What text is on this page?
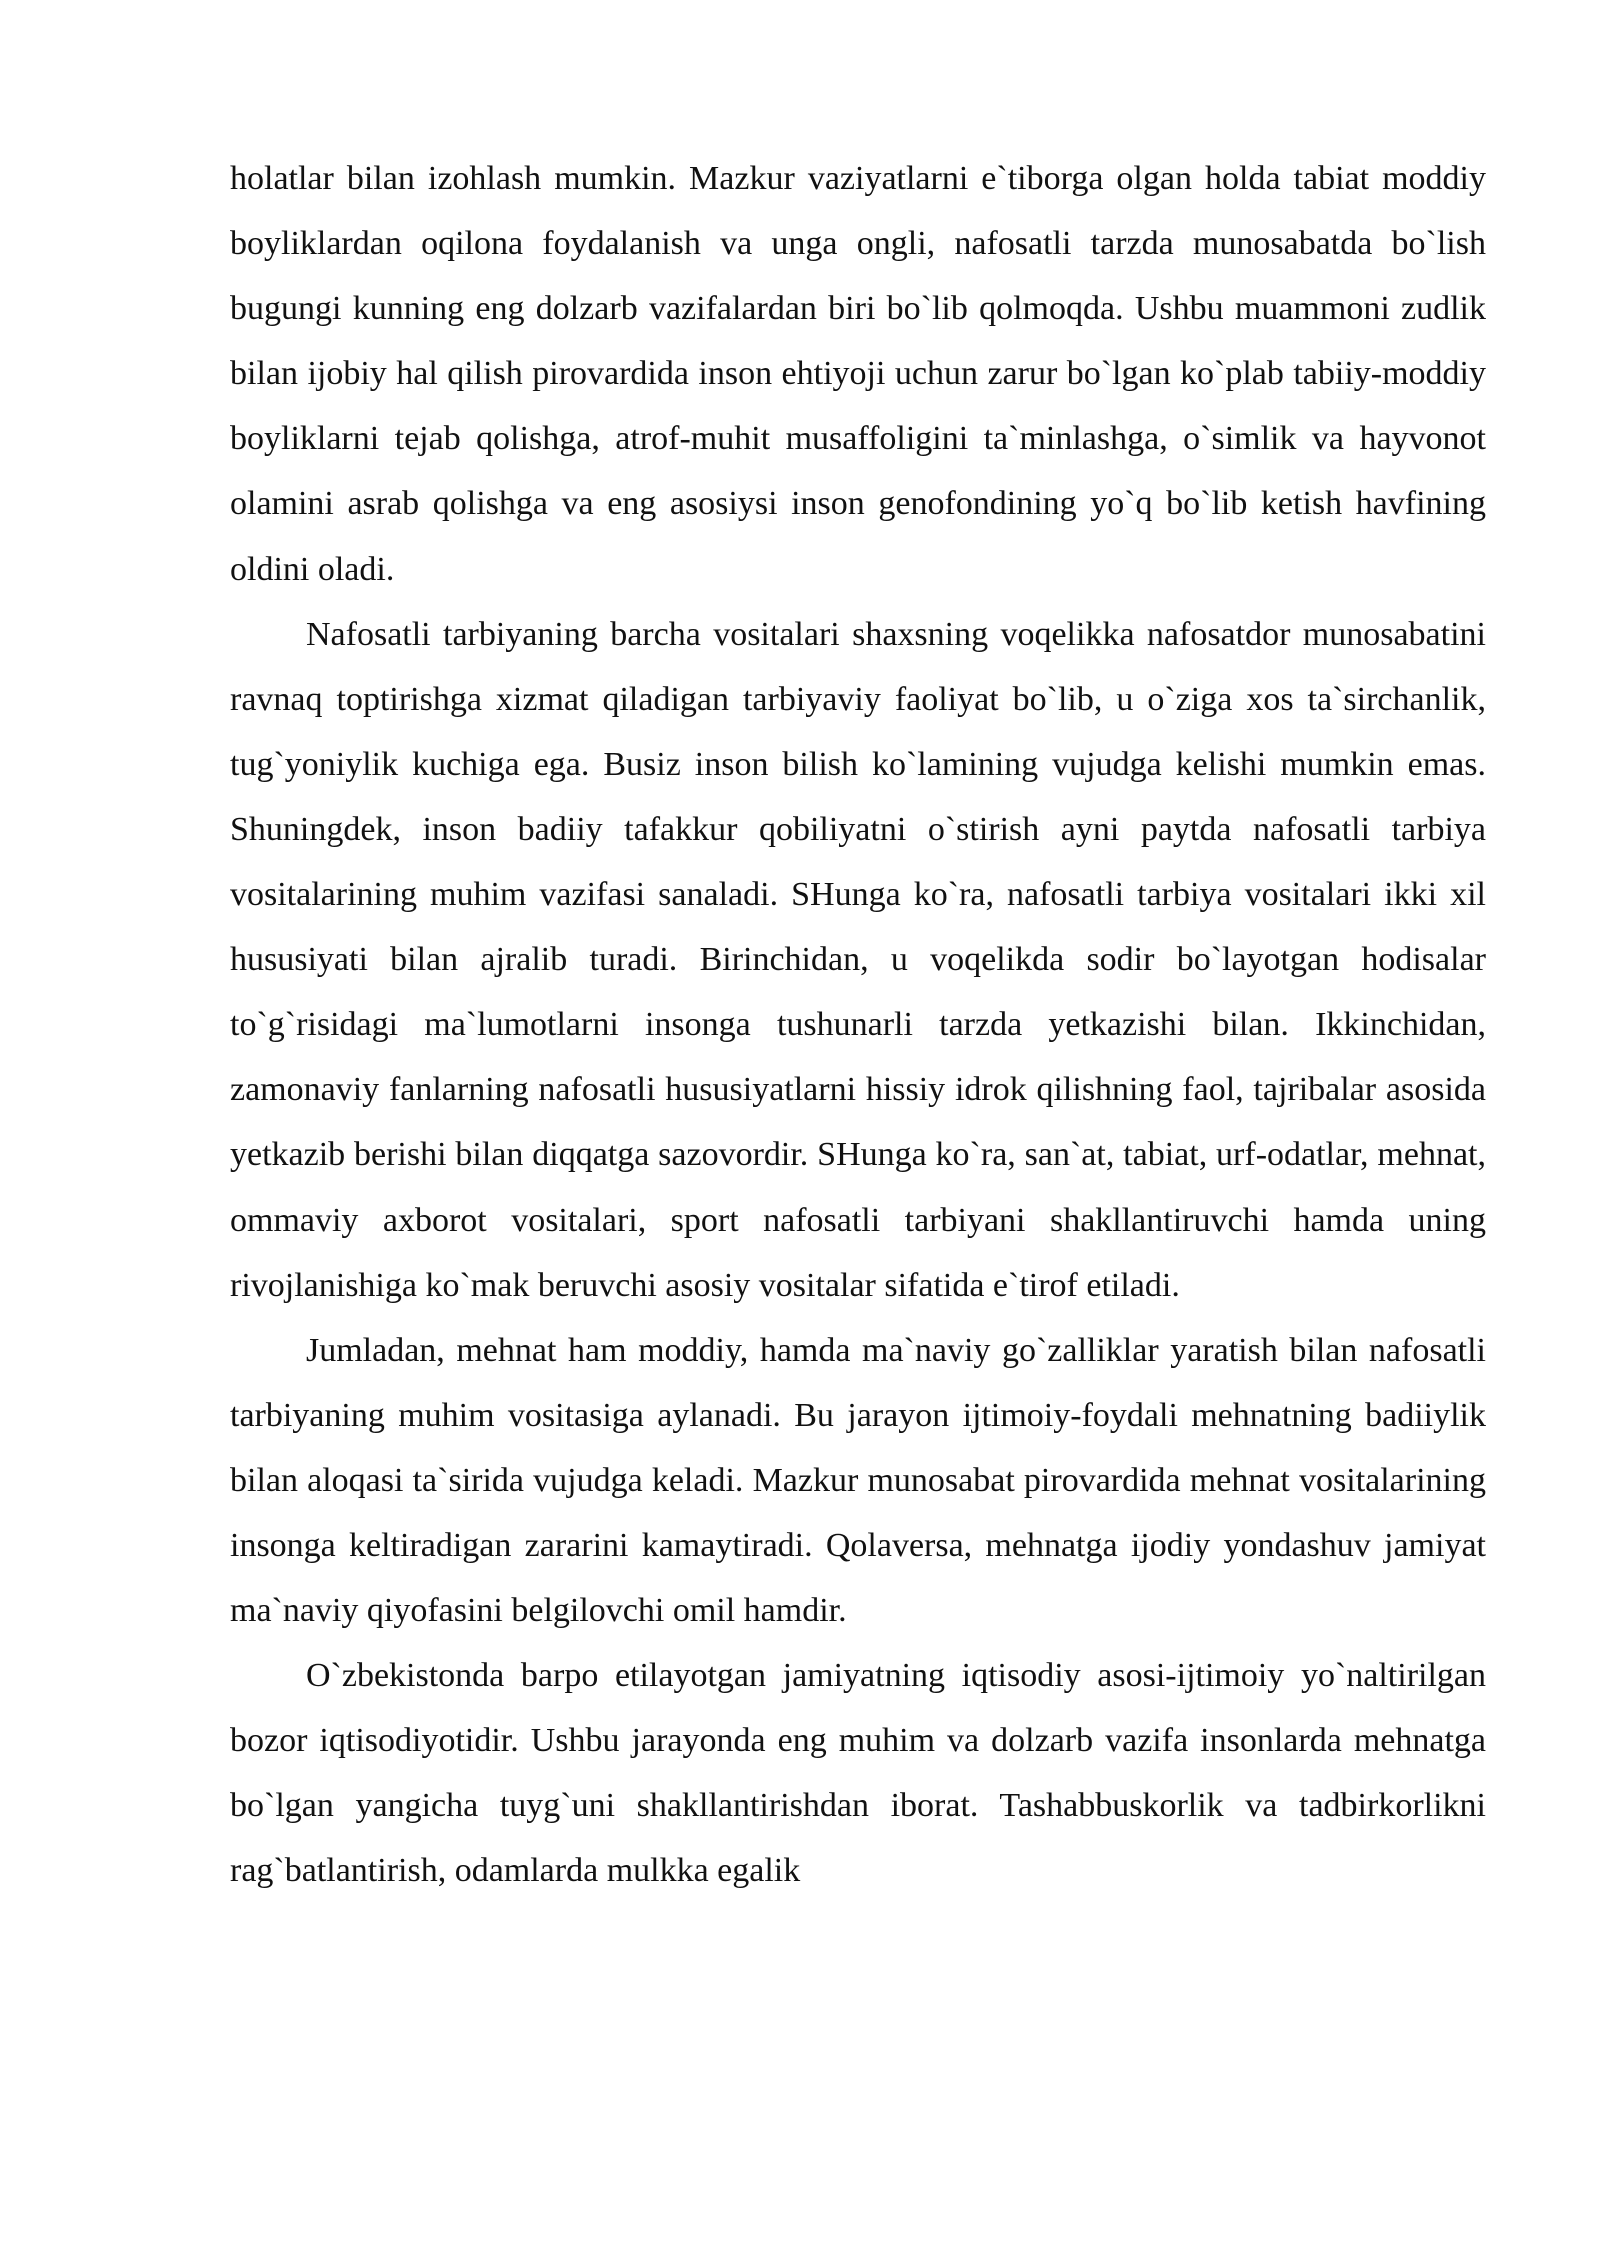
holatlar bilan izohlash mumkin. Mazkur vaziyatlarni e`tiborga olgan holda tabiat moddiy boyliklardan oqilona foydalanish va unga ongli, nafosatli tarzda munosabatda bo`lish bugungi kunning eng dolzarb vazifalardan biri bo`lib qolmoqda. Ushbu muammoni zudlik bilan ijobiy hal qilish pirovardida inson ehtiyoji uchun zarur bo`lgan ko`plab tabiiy-moddiy boyliklarni tejab qolishga, atrof-muhit musaffoligini ta`minlashga, o`simlik va hayvonot olamini asrab qolishga va eng asosiysi inson genofondining yo`q bo`lib ketish havfining oldini oladi.

Nafosatli tarbiyaning barcha vositalari shaxsning voqelikka nafosatdor munosabatini ravnaq toptirishga xizmat qiladigan tarbiyaviy faoliyat bo`lib, u o`ziga xos ta`sirchanlik, tug`yoniylik kuchiga ega. Busiz inson bilish ko`lamining vujudga kelishi mumkin emas. Shuningdek, inson badiiy tafakkur qobiliyatni o`stirish ayni paytda nafosatli tarbiya vositalarining muhim vazifasi sanaladi. SHunga ko`ra, nafosatli tarbiya vositalari ikki xil hususiyati bilan ajralib turadi. Birinchidan, u voqelikda sodir bo`layotgan hodisalar to`g`risidagi ma`lumotlarni insonga tushunarli tarzda yetkazishi bilan. Ikkinchidan, zamonaviy fanlarning nafosatli hususiyatlarni hissiy idrok qilishning faol, tajribalar asosida yetkazib berishi bilan diqqatga sazovordir. SHunga ko`ra, san`at, tabiat, urf-odatlar, mehnat, ommaviy axborot vositalari, sport nafosatli tarbiyani shakllantiruvchi hamda uning rivojlanishiga ko`mak beruvchi asosiy vositalar sifatida e`tirof etiladi.

Jumladan, mehnat ham moddiy, hamda ma`naviy go`zalliklar yaratish bilan nafosatli tarbiyaning muhim vositasiga aylanadi. Bu jarayon ijtimoiy-foydali mehnatning badiiylik bilan aloqasi ta`sirida vujudga keladi. Mazkur munosabat pirovardida mehnat vositalarining insonga keltiradigan zararini kamaytiradi. Qolaversa, mehnatga ijodiy yondashuv jamiyat ma`naviy qiyofasini belgilovchi omil hamdir.

O`zbekistonda barpo etilayotgan jamiyatning iqtisodiy asosi-ijtimoiy yo`naltirilgan bozor iqtisodiyotidir. Ushbu jarayonda eng muhim va dolzarb vazifa insonlarda mehnatga bo`lgan yangicha tuyg`uni shakllantirishdan iborat. Tashabbuskorlik va tadbirkorlikni rag`batlantirish, odamlarda mulkka egalik
